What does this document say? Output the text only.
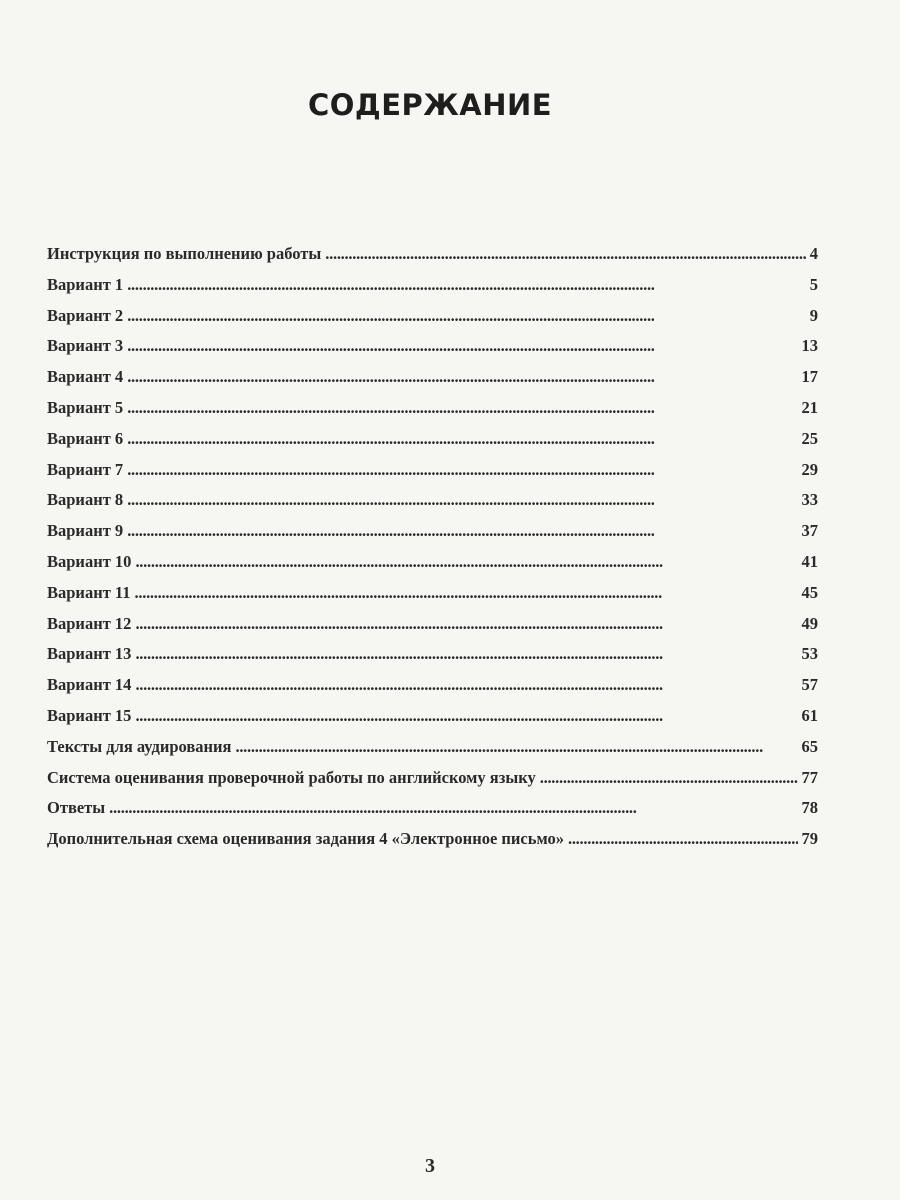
СОДЕРЖАНИЕ
Инструкция по выполнению работы . . .	4
Вариант 1 . . .	5
Вариант 2 . . .	9
Вариант 3 . . .	13
Вариант 4 . . .	17
Вариант 5 . . .	21
Вариант 6 . . .	25
Вариант 7 . . .	29
Вариант 8 . . .	33
Вариант 9 . . .	37
Вариант 10 . . .	41
Вариант 11 . . .	45
Вариант 12 . . .	49
Вариант 13 . . .	53
Вариант 14 . . .	57
Вариант 15 . . .	61
Тексты для аудирования . . .	65
Система оценивания проверочной работы по английскому языку . . .	77
Ответы . . .	78
Дополнительная схема оценивания задания 4 «Электронное письмо» . . .	79
3
